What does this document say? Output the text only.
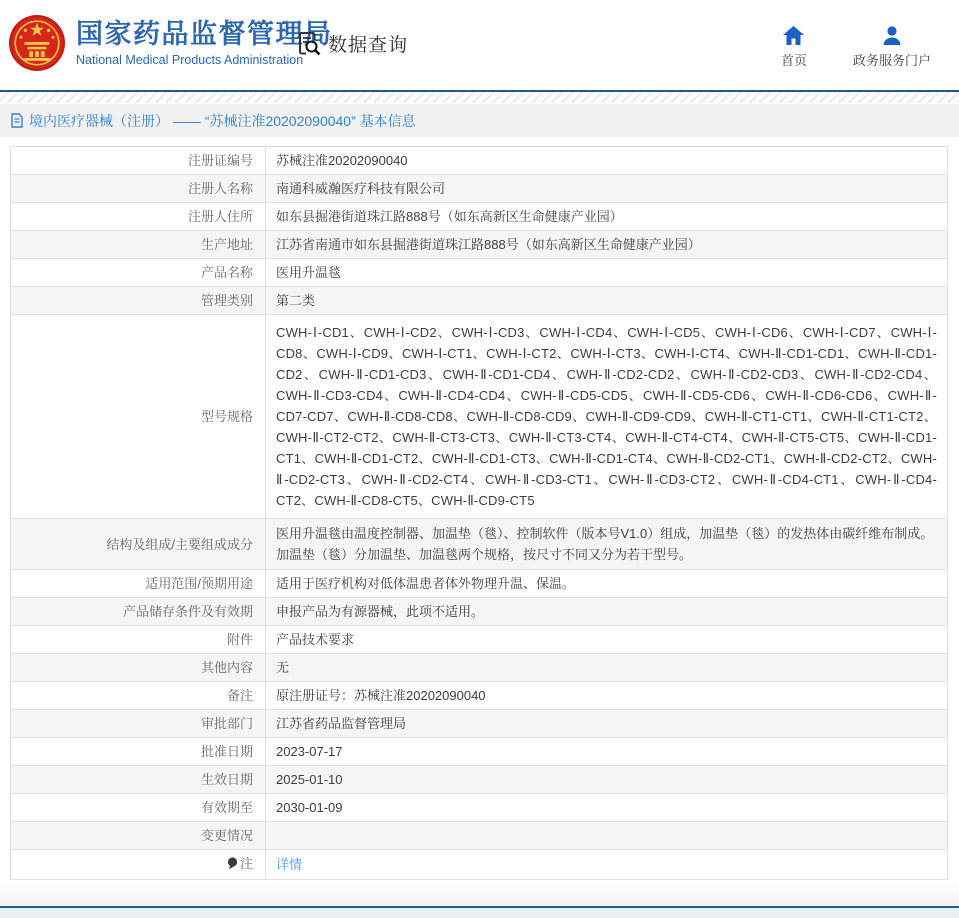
国家药品监督管理局
National Medical Products Administration
数据查询
首页	政务服务门户
境内医疗器械（注册） —— “苏械注准20202090040” 基本信息
注册证编号	苏械注准20202090040
注册人名称	南通科威瀚医疗科技有限公司
注册人住所	如东县掘港街道珠江路888号（如东高新区生命健康产业园）
生产地址	江苏省南通市如东县掘港街道珠江路888号（如东高新区生命健康产业园）
产品名称	医用升温毯
管理类别	第二类
型号规格	CWH-Ⅰ-CD1、CWH-Ⅰ-CD2、CWH-Ⅰ-CD3、CWH-Ⅰ-CD4、CWH-Ⅰ-CD5、CWH-Ⅰ-CD6、CWH-Ⅰ-CD7、CWH-Ⅰ-CD8、CWH-Ⅰ-CD9、CWH-Ⅰ-CT1、CWH-Ⅰ-CT2、CWH-Ⅰ-CT3、CWH-Ⅰ-CT4、CWH-Ⅱ-CD1-CD1、CWH-Ⅱ-CD1-CD2、CWH-Ⅱ-CD1-CD3、CWH-Ⅱ-CD1-CD4、CWH-Ⅱ-CD2-CD2、CWH-Ⅱ-CD2-CD3、CWH-Ⅱ-CD2-CD4、CWH-Ⅱ-CD3-CD4、CWH-Ⅱ-CD4-CD4、CWH-Ⅱ-CD5-CD5、CWH-Ⅱ-CD5-CD6、CWH-Ⅱ-CD6-CD6、CWH-Ⅱ-CD7-CD7、CWH-Ⅱ-CD8-CD8、CWH-Ⅱ-CD8-CD9、CWH-Ⅱ-CD9-CD9、CWH-Ⅱ-CT1-CT1、CWH-Ⅱ-CT1-CT2、CWH-Ⅱ-CT2-CT2、CWH-Ⅱ-CT3-CT3、CWH-Ⅱ-CT3-CT4、CWH-Ⅱ-CT4-CT4、CWH-Ⅱ-CT5-CT5、CWH-Ⅱ-CD1-CT1、CWH-Ⅱ-CD1-CT2、CWH-Ⅱ-CD1-CT3、CWH-Ⅱ-CD1-CT4、CWH-Ⅱ-CD2-CT1、CWH-Ⅱ-CD2-CT2、CWH-Ⅱ-CD2-CT3、CWH-Ⅱ-CD2-CT4、CWH-Ⅱ-CD3-CT1、CWH-Ⅱ-CD3-CT2、CWH-Ⅱ-CD4-CT1、CWH-Ⅱ-CD4-CT2、CWH-Ⅱ-CD8-CT5、CWH-Ⅱ-CD9-CT5
结构及组成/主要组成成分	医用升温毯由温度控制器、加温垫（毯）、控制软件（版本号V1.0）组成，加温垫（毯）的发热体由碳纤维布制成。加温垫（毯）分加温垫、加温毯两个规格，按尺寸不同又分为若干型号。
适用范围/预期用途	适用于医疗机构对低体温患者体外物理升温、保温。
产品储存条件及有效期	申报产品为有源器械，此项不适用。
附件	产品技术要求
其他内容	无
备注	原注册证号：苏械注准20202090040
审批部门	江苏省药品监督管理局
批准日期	2023-07-17
生效日期	2025-01-10
有效期至	2030-01-09
变更情况	

注	详情
